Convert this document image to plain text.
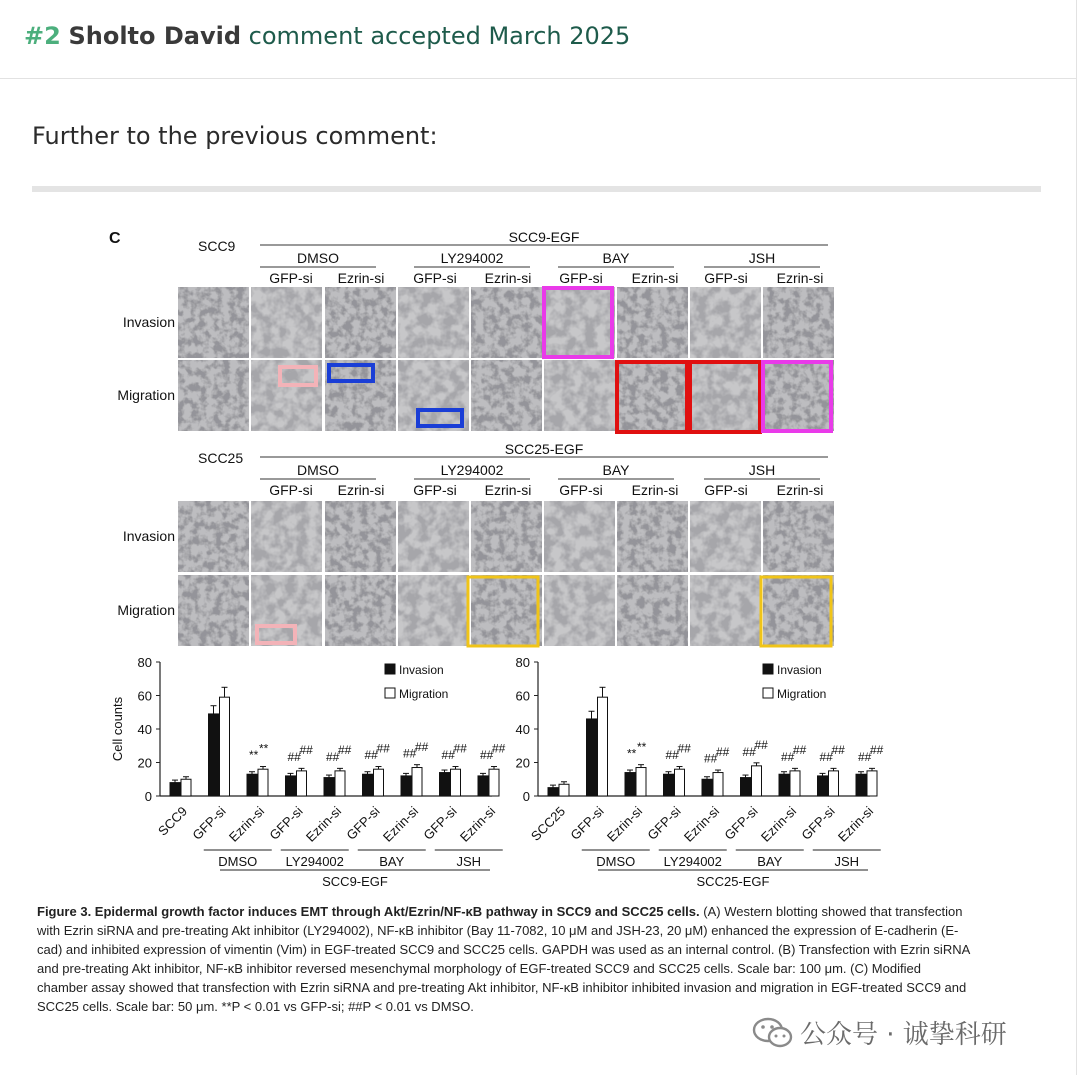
#2 Sholto David comment accepted March 2025
Further to the previous comment:
C	SCC9
SCC9-EGF
DMSO	LY294002	BAY	JSH
GFP-si Ezrin-si GFP-si Ezrin-si GFP-si Ezrin-si GFP-si Ezrin-si
SCC25
SCC25-EGF
DMSO	LY294002	BAY	JSH
GFP-si Ezrin-si GFP-si Ezrin-si GFP-si Ezrin-si GFP-si Ezrin-si
Invasion
Migration
Invasion
Migration
0
20
40
60
80
Cell counts
SCC9 GFP-si
Ezrin-si
** **
GFP-si
##
##
Ezrin-si
##
##
GFP-si
##
##
Ezrin-si
##
##
GFP-si
##
##
Ezrin-si
##
##
DMSO LY294002	BAY	JSH
SCC9-EGF
Invasion
Migration
0
20
40
60
80
SCC25 GFP-si
Ezrin-si
** **
GFP-si
##
##
Ezrin-si
##
##
GFP-si
##
##
Ezrin-si
##
##
GFP-si
##
##
Ezrin-si
##
##
DMSO LY294002	BAY	JSH
SCC25-EGF
Invasion
Migration
Figure 3. Epidermal growth factor induces EMT through Akt/Ezrin/NF-κB pathway in SCC9 and SCC25 cells. (A) Western blotting showed that transfection with Ezrin siRNA and pre-treating Akt inhibitor (LY294002), NF-κB inhibitor (Bay 11-7082, 10 μM and JSH-23, 20 μM) enhanced the expression of E-cadherin (E-cad) and inhibited expression of vimentin (Vim) in EGF-treated SCC9 and SCC25 cells. GAPDH was used as an internal control. (B) Transfection with Ezrin siRNA and pre-treating Akt inhibitor, NF-κB inhibitor reversed mesenchymal morphology of EGF-treated SCC9 and SCC25 cells. Scale bar: 100 μm. (C) Modified chamber assay showed that transfection with Ezrin siRNA and pre-treating Akt inhibitor, NF-κB inhibitor inhibited invasion and migration in EGF-treated SCC9 and SCC25 cells. Scale bar: 50 μm. **P < 0.01 vs GFP-si; ##P < 0.01 vs DMSO.
公众号 · 诚挚科研
